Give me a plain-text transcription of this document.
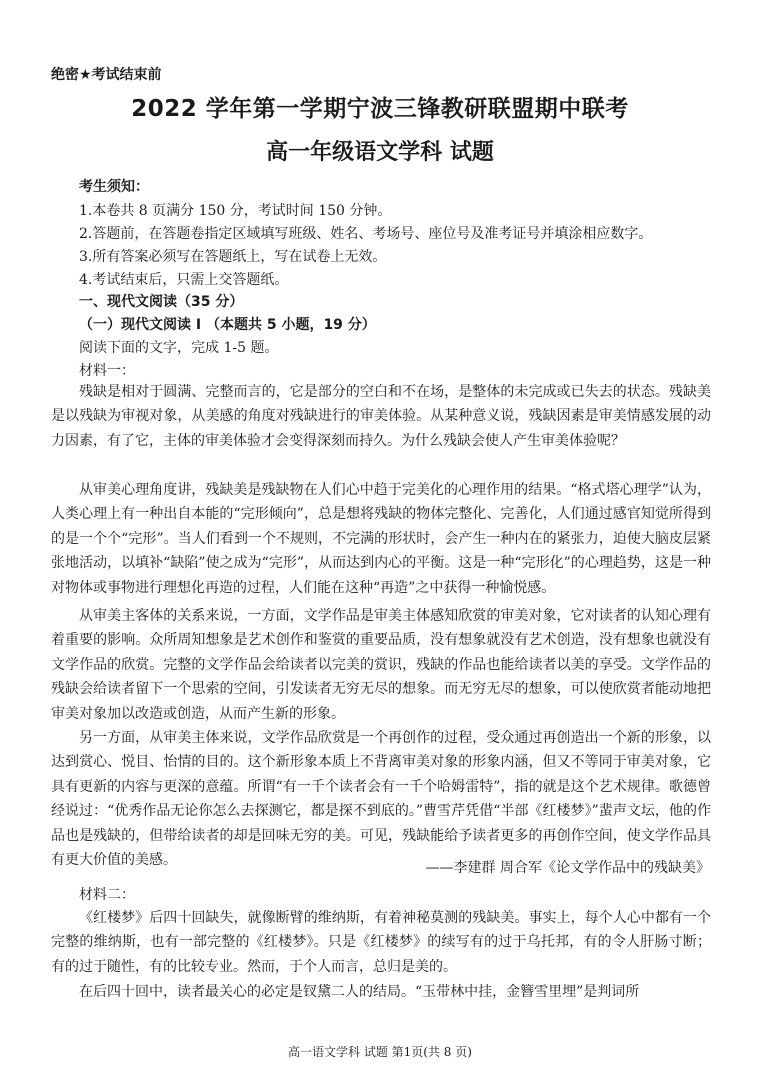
绝密★考试结束前
2022 学年第一学期宁波三锋教研联盟期中联考
高一年级语文学科 试题
考生须知：
1.本卷共 8 页满分 150 分，考试时间 150 分钟。
2.答题前，在答题卷指定区域填写班级、姓名、考场号、座位号及准考证号并填涂相应数字。
3.所有答案必须写在答题纸上，写在试卷上无效。
4.考试结束后，只需上交答题纸。
一、现代文阅读（35 分）
（一）现代文阅读 I （本题共 5 小题，19 分）
阅读下面的文字，完成 1-5 题。
材料一：

残缺是相对于圆满、完整而言的，它是部分的空白和不在场，是整体的未完成或已失去的状态。残缺美是以残缺为审视对象，从美感的角度对残缺进行的审美体验。从某种意义说，残缺因素是审美情感发展的动力因素，有了它，主体的审美体验才会变得深刻而持久。为什么残缺会使人产生审美体验呢？

从审美心理角度讲，残缺美是残缺物在人们心中趋于完美化的心理作用的结果。“格式塔心理学”认为，人类心理上有一种出自本能的“完形倾向”，总是想将残缺的物体完整化、完善化，人们通过感官知觉所得到的是一个个“完形”。当人们看到一个不规则，不完满的形状时，会产生一种内在的紧张力，迫使大脑皮层紧张地活动，以填补“缺陷”使之成为“完形”，从而达到内心的平衡。这是一种“完形化”的心理趋势，这是一种对物体或事物进行理想化再造的过程，人们能在这种“再造”之中获得一种愉悦感。

从审美主客体的关系来说，一方面，文学作品是审美主体感知欣赏的审美对象，它对读者的认知心理有着重要的影响。众所周知想象是艺术创作和鉴赏的重要品质，没有想象就没有艺术创造，没有想象也就没有文学作品的欣赏。完整的文学作品会给读者以完美的赏识，残缺的作品也能给读者以美的享受。文学作品的残缺会给读者留下一个思索的空间，引发读者无穷无尽的想象。而无穷无尽的想象，可以使欣赏者能动地把审美对象加以改造或创造，从而产生新的形象。

另一方面，从审美主体来说，文学作品欣赏是一个再创作的过程，受众通过再创造出一个新的形象，以达到赏心、悦目、怡情的目的。这个新形象本质上不背离审美对象的形象内涵，但又不等同于审美对象，它具有更新的内容与更深的意蕴。所谓“有一千个读者会有一千个哈姆雷特”，指的就是这个艺术规律。歌德曾经说过：“优秀作品无论你怎么去探测它，都是探不到底的。”曹雪芹凭借“半部《红楼梦》”蜚声文坛，他的作品也是残缺的，但带给读者的却是回味无穷的美。可见，残缺能给予读者更多的再创作空间，使文学作品具有更大价值的美感。	——李建群 周合军《论文学作品中的残缺美》
材料二：

《红楼梦》后四十回缺失，就像断臂的维纳斯，有着神秘莫测的残缺美。事实上，每个人心中都有一个完整的维纳斯，也有一部完整的《红楼梦》。只是《红楼梦》的续写有的过于乌托邦，有的令人肝肠寸断；有的过于随性，有的比较专业。然而，于个人而言，总归是美的。

在后四十回中，读者最关心的必定是钗黛二人的结局。“玉带林中挂，金簪雪里埋”是判词所

高一语文学科 试题 第1页(共 8 页)
